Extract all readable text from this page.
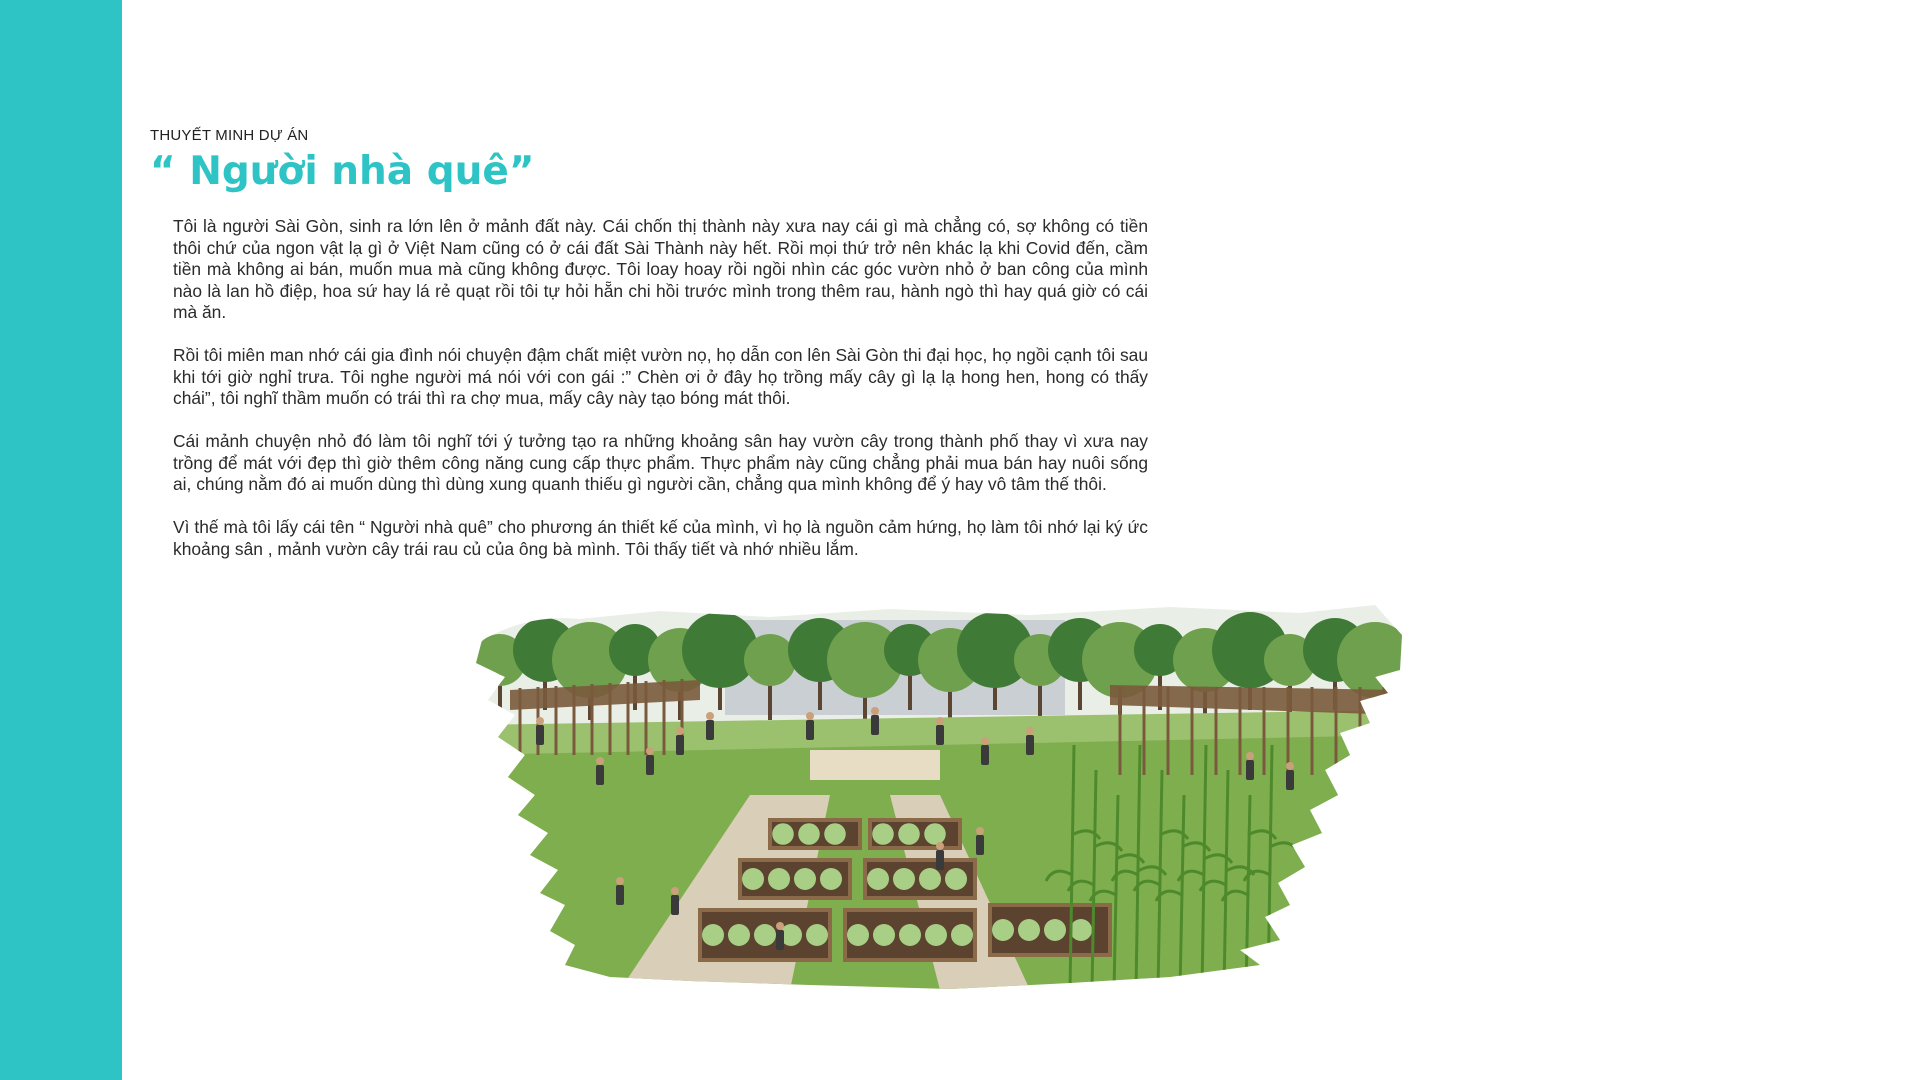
THUYẾT MINH DỰ ÁN
“ Người nhà quê”

Tôi là người Sài Gòn, sinh ra lớn lên ở mảnh đất này. Cái chốn thị thành này xưa nay cái gì mà chẳng có, sợ không có tiền thôi chứ của ngon vật lạ gì ở Việt Nam cũng có ở cái đất Sài Thành này hết. Rồi mọi thứ trở nên khác lạ khi Covid đến, cầm tiền mà không ai bán, muốn mua mà cũng không được. Tôi loay hoay rồi ngồi nhìn các góc vườn nhỏ ở ban công của mình nào là lan hồ điệp, hoa sứ hay lá rẻ quạt rồi tôi tự hỏi hẵn chi hồi trước mình trong thêm rau, hành ngò thì hay quá giờ có cái mà ăn.

Rồi tôi miên man nhớ cái gia đình nói chuyện đậm chất miệt vườn nọ, họ dẫn con lên Sài Gòn thi đại học, họ ngồi cạnh tôi sau khi tới giờ nghỉ trưa. Tôi nghe người má nói với con gái :” Chèn ơi ở đây họ trồng mấy cây gì lạ lạ hong hen, hong có thấy chái”, tôi nghĩ thầm muốn có trái thì ra chợ mua, mấy cây này tạo bóng mát thôi.

Cái mảnh chuyện nhỏ đó làm tôi nghĩ tới ý tưởng tạo ra những khoảng sân hay vườn cây trong thành phố thay vì xưa nay trồng để mát với đẹp thì giờ thêm công năng cung cấp thực phẩm. Thực phẩm này cũng chẳng phải mua bán hay nuôi sống ai, chúng nằm đó ai muốn dùng thì dùng xung quanh thiếu gì người cần, chẳng qua mình không để ý hay vô tâm thế thôi.

Vì thế mà tôi lấy cái tên “ Người nhà quê” cho phương án thiết kế của mình, vì họ là nguồn cảm hứng, họ làm tôi nhớ lại ký ức khoảng sân , mảnh vườn cây trái rau củ của ông bà mình. Tôi thấy tiết và nhớ nhiều lắm.
